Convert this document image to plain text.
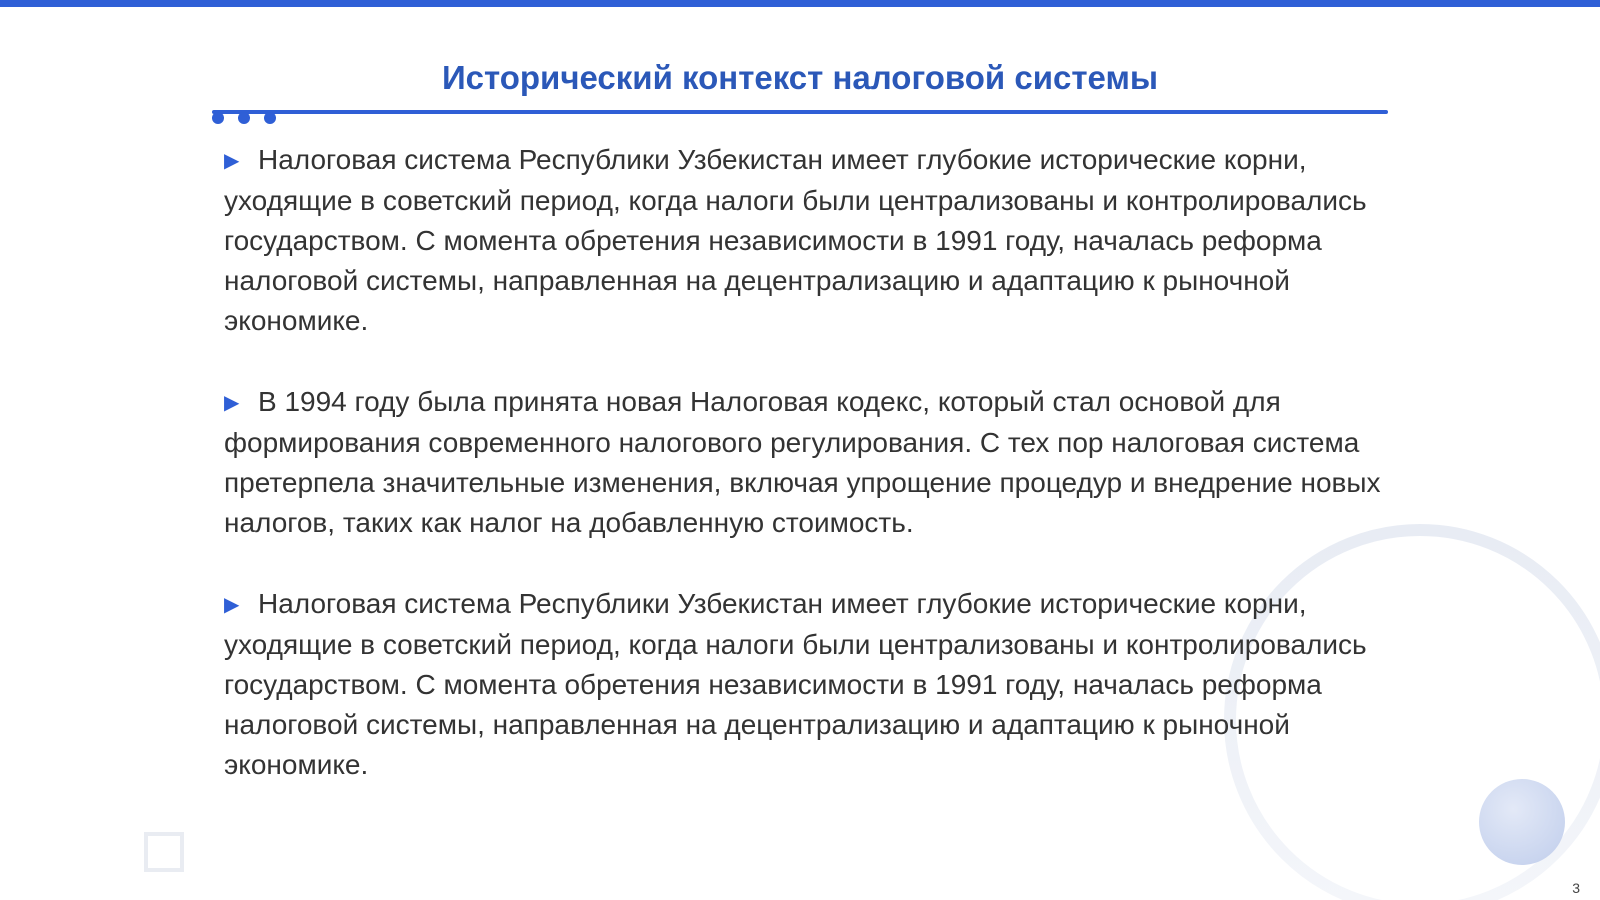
Исторический контекст налоговой системы

▶ Налоговая система Республики Узбекистан имеет глубокие исторические корни, уходящие в советский период, когда налоги были централизованы и контролировались государством. С момента обретения независимости в 1991 году, началась реформа налоговой системы, направленная на децентрализацию и адаптацию к рыночной экономике.

▶ В 1994 году была принята новая Налоговая кодекс, который стал основой для формирования современного налогового регулирования. С тех пор налоговая система претерпела значительные изменения, включая упрощение процедур и внедрение новых налогов, таких как налог на добавленную стоимость.

▶ Налоговая система Республики Узбекистан имеет глубокие исторические корни, уходящие в советский период, когда налоги были централизованы и контролировались государством. С момента обретения независимости в 1991 году, началась реформа налоговой системы, направленная на децентрализацию и адаптацию к рыночной экономике.

3
